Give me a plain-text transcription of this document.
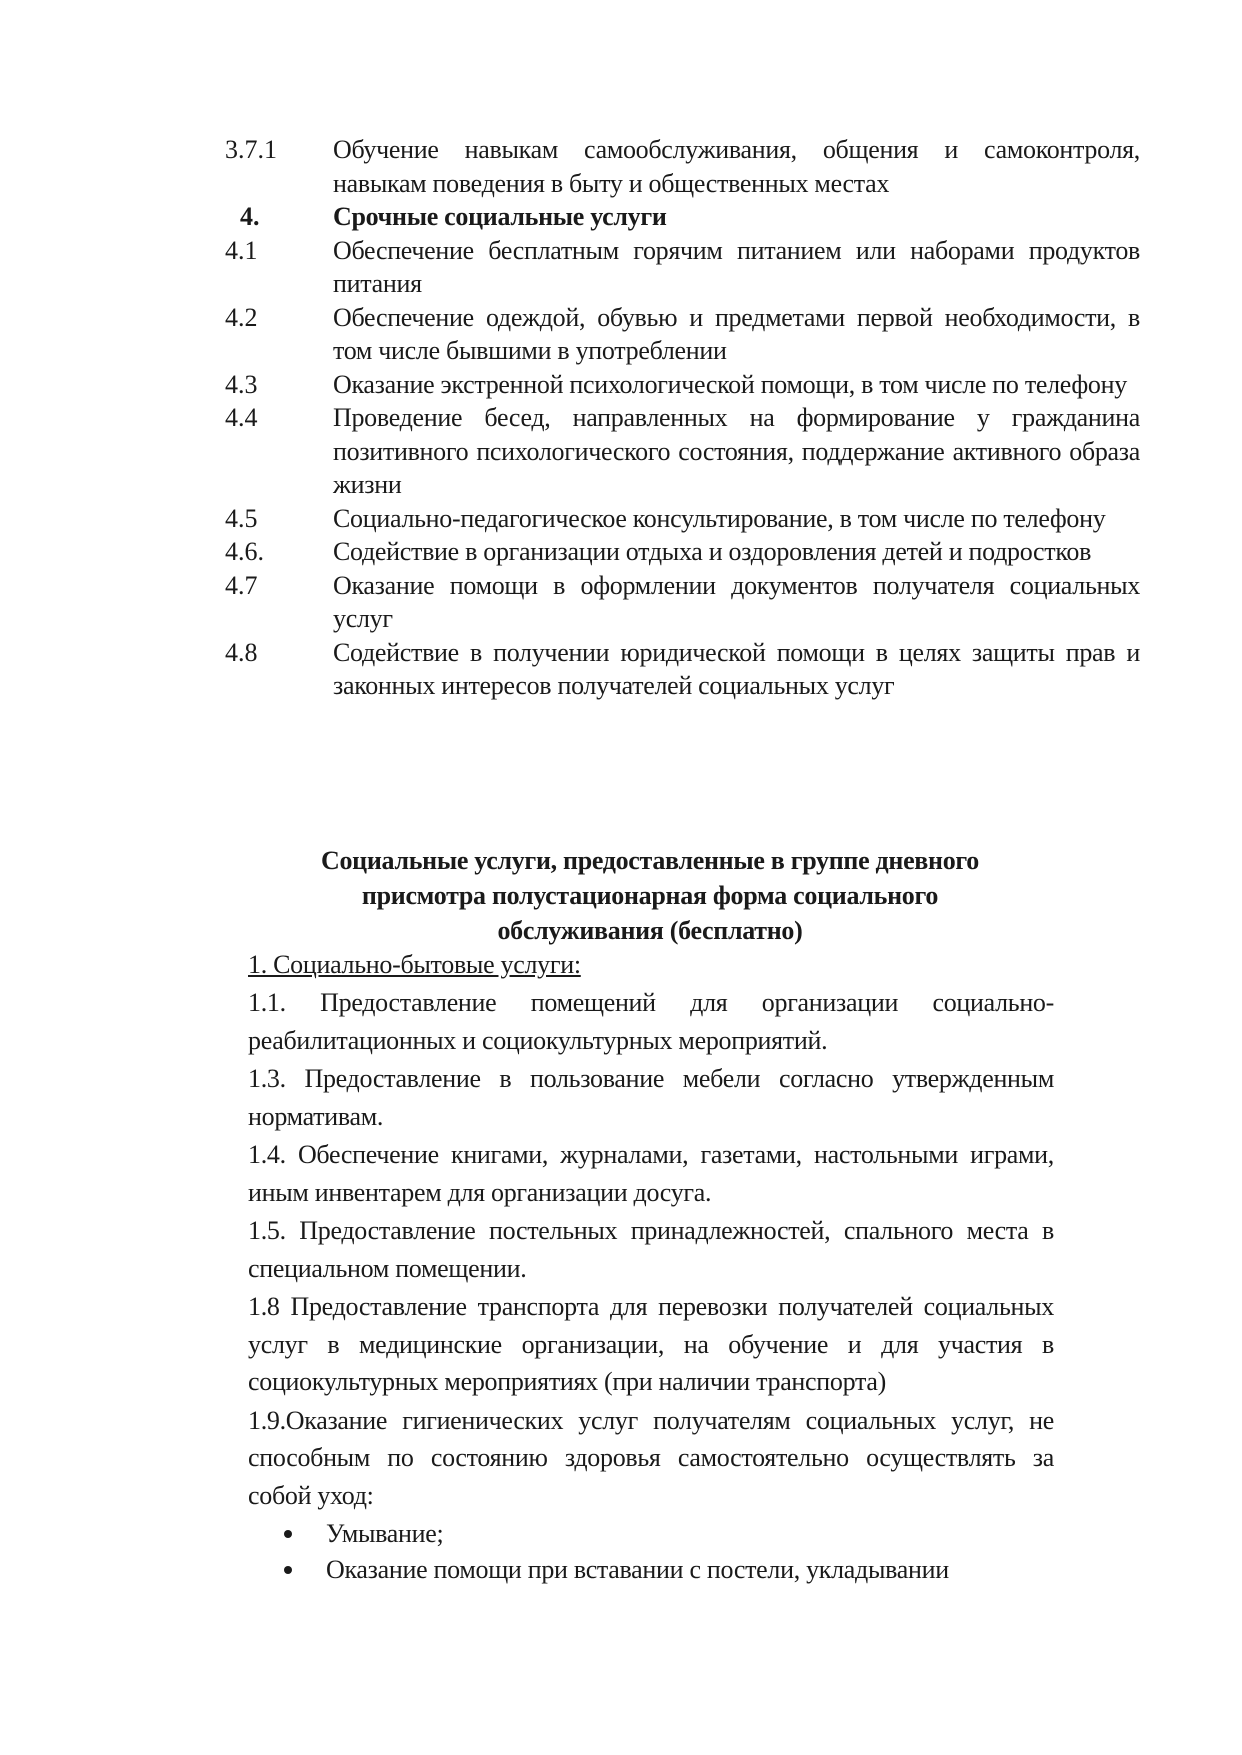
3.7.1	Обучение навыкам самообслуживания, общения и самоконтроля, навыкам поведения в быту и общественных местах
4.	Срочные социальные услуги
4.1	Обеспечение бесплатным горячим питанием или наборами продуктов питания
4.2	Обеспечение одеждой, обувью и предметами первой необходимости, в том числе бывшими в употреблении
4.3	Оказание экстренной психологической помощи, в том числе по телефону
4.4	Проведение бесед, направленных на формирование у гражданина позитивного психологического состояния, поддержание активного образа жизни
4.5	Социально-педагогическое консультирование, в том числе по телефону
4.6.	Содействие в организации отдыха и оздоровления детей и подростков
4.7	Оказание помощи в оформлении документов получателя социальных услуг
4.8	Содействие в получении юридической помощи в целях защиты прав и законных интересов получателей социальных услуг
Социальные услуги, предоставленные в группе дневного
присмотра полустационарная форма социального
обслуживания (бесплатно)
1. Социально-бытовые услуги:
1.1. Предоставление помещений для организации социально-реабилитационных и социокультурных мероприятий.
1.3. Предоставление в пользование мебели согласно утвержденным нормативам.
1.4. Обеспечение книгами, журналами, газетами, настольными играми, иным инвентарем для организации досуга.
1.5. Предоставление постельных принадлежностей, спального места в специальном помещении.
1.8 Предоставление транспорта для перевозки получателей социальных услуг в медицинские организации, на обучение и для участия в социокультурных мероприятиях (при наличии транспорта)
1.9.Оказание гигиенических услуг получателям социальных услуг, не способным по состоянию здоровья самостоятельно осуществлять за собой уход:
Умывание;
Оказание помощи при вставании с постели, укладывании
